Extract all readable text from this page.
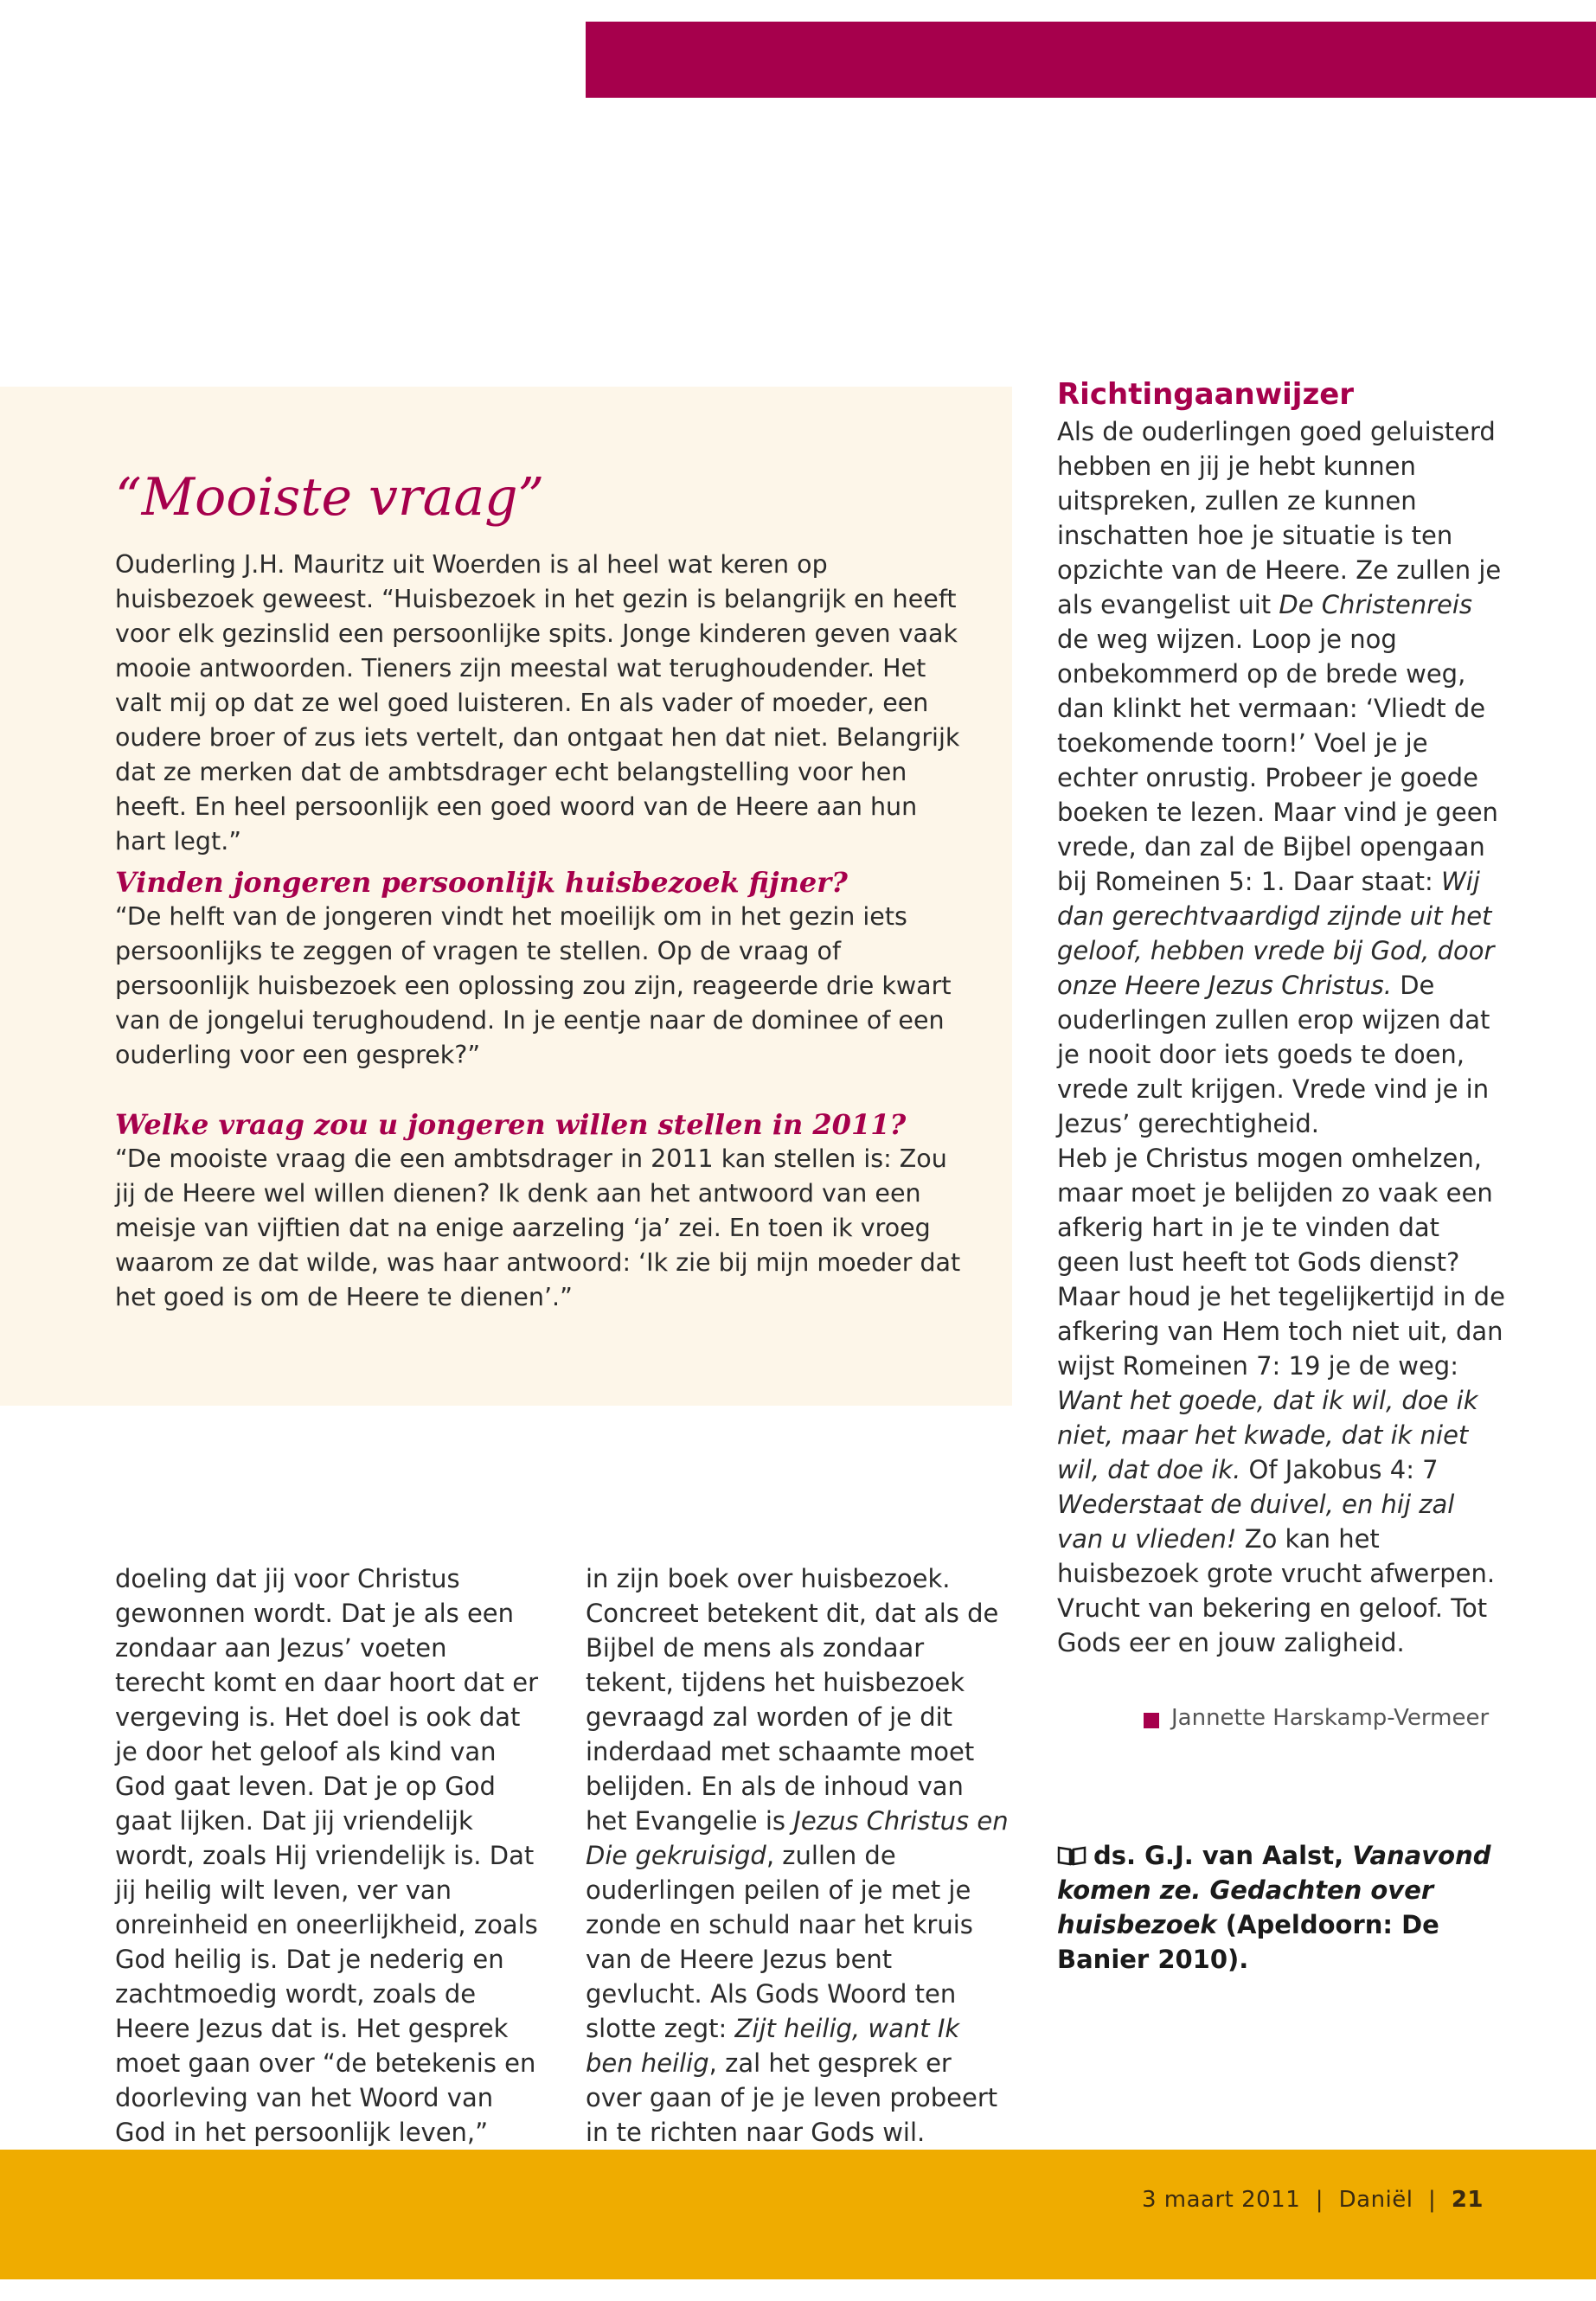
“Mooiste vraag”

Ouderling J.H. Mauritz uit Woerden is al heel wat keren op huisbezoek geweest. “Huisbezoek in het gezin is belangrijk en heeft voor elk gezinslid een persoonlijke spits. Jonge kinderen geven vaak mooie antwoorden. Tieners zijn meestal wat terughoudender. Het valt mij op dat ze wel goed luisteren. En als vader of moeder, een oudere broer of zus iets vertelt, dan ontgaat hen dat niet. Belangrijk dat ze merken dat de ambtsdrager echt belangstelling voor hen heeft. En heel persoonlijk een goed woord van de Heere aan hun hart legt.”

Vinden jongeren persoonlijk huisbezoek fijner?

“De helft van de jongeren vindt het moeilijk om in het gezin iets persoonlijks te zeggen of vragen te stellen. Op de vraag of persoonlijk huisbezoek een oplossing zou zijn, reageerde drie kwart van de jongelui terughoudend. In je eentje naar de dominee of een ouderling voor een gesprek?”

Welke vraag zou u jongeren willen stellen in 2011?

“De mooiste vraag die een ambtsdrager in 2011 kan stellen is: Zou jij de Heere wel willen dienen? Ik denk aan het antwoord van een meisje van vijftien dat na enige aarzeling ‘ja’ zei. En toen ik vroeg waarom ze dat wilde, was haar antwoord: ‘Ik zie bij mijn moeder dat het goed is om de Heere te dienen’.”

doeling dat jij voor Christus gewonnen wordt. Dat je als een zondaar aan Jezus’ voeten terecht komt en daar hoort dat er vergeving is. Het doel is ook dat je door het geloof als kind van God gaat leven. Dat je op God gaat lijken. Dat jij vriendelijk wordt, zoals Hij vriendelijk is. Dat jij heilig wilt leven, ver van onreinheid en oneerlijkheid, zoals God heilig is. Dat je nederig en zachtmoedig wordt, zoals de Heere Jezus dat is. Het gesprek moet gaan over “de betekenis en doorleving van het Woord van God in het persoonlijk leven,”

in zijn boek over huisbezoek. Concreet betekent dit, dat als de Bijbel de mens als zondaar tekent, tijdens het huisbezoek gevraagd zal worden of je dit inderdaad met schaamte moet belijden. En als de inhoud van het Evangelie is Jezus Christus en Die gekruisigd, zullen de ouderlingen peilen of je met je zonde en schuld naar het kruis van de Heere Jezus bent gevlucht. Als Gods Woord ten slotte zegt: Zijt heilig, want Ik ben heilig, zal het gesprek er over gaan of je je leven probeert in te richten naar Gods wil.

Richtingaanwijzer

Als de ouderlingen goed geluisterd hebben en jij je hebt kunnen uitspreken, zullen ze kunnen inschatten hoe je situatie is ten opzichte van de Heere. Ze zullen je als evangelist uit De Christenreis de weg wijzen. Loop je nog onbekommerd op de brede weg, dan klinkt het vermaan: ‘Vliedt de toekomende toorn!’ Voel je je echter onrustig. Probeer je goede boeken te lezen. Maar vind je geen vrede, dan zal de Bijbel opengaan bij Romeinen 5: 1. Daar staat: Wij dan gerechtvaardigd zijnde uit het geloof, hebben vrede bij God, door onze Heere Jezus Christus. De ouderlingen zullen erop wijzen dat je nooit door iets goeds te doen, vrede zult krijgen. Vrede vind je in Jezus’ gerechtigheid.

Heb je Christus mogen omhelzen, maar moet je belijden zo vaak een afkerig hart in je te vinden dat geen lust heeft tot Gods dienst? Maar houd je het tegelijkertijd in de afkering van Hem toch niet uit, dan wijst Romeinen 7: 19 je de weg: Want het goede, dat ik wil, doe ik niet, maar het kwade, dat ik niet wil, dat doe ik. Of Jakobus 4: 7 Wederstaat de duivel, en hij zal van u vlieden! Zo kan het huisbezoek grote vrucht afwerpen. Vrucht van bekering en geloof. Tot Gods eer en jouw zaligheid.

Jannette Harskamp-Vermeer

ds. G.J. van Aalst, Vanavond komen ze. Gedachten over huisbezoek (Apeldoorn: De Banier 2010).

3 maart 2011  |  Daniël  |  21
